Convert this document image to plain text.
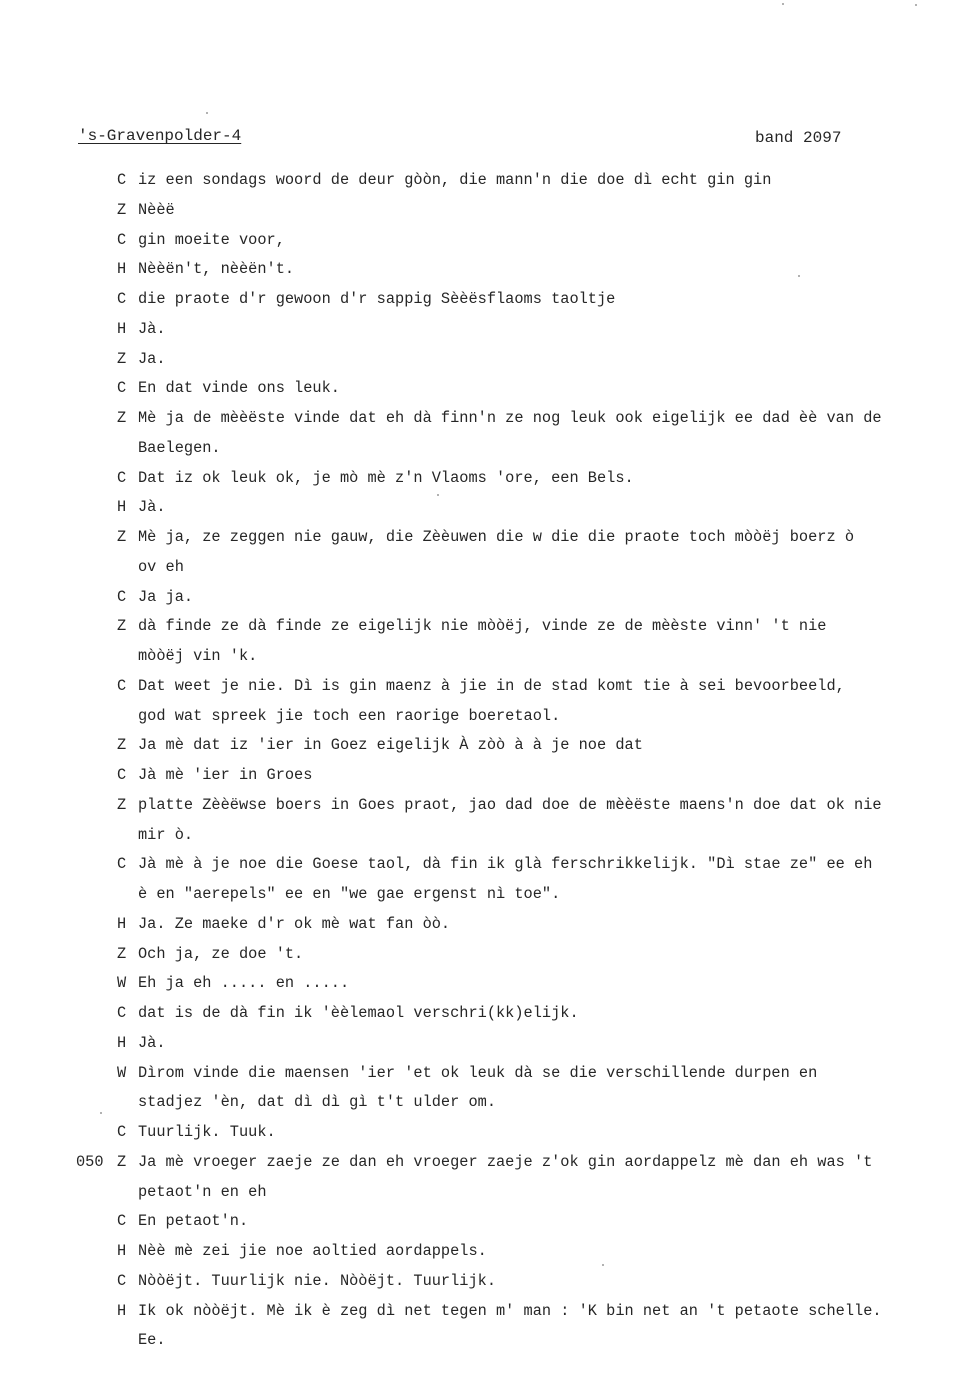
's-Gravenpolder-4	band 2097
C iz een sondags woord de deur gòòn, die mann'n die doe dì echt gin gin
Z Nèèë
C gin moeite voor,
H Nèèën't, nèèën't.
C die praote d'r gewoon d'r sappig Sèèësflaoms taoltje
H Jà.
Z Ja.
C En dat vinde ons leuk.
Z Mè ja de mèèëste vinde dat eh dà finn'n ze nog leuk ook eigelijk ee dad èè van de
Baelegen.
C Dat iz ok leuk ok, je mò mè z'n Vlaoms 'ore, een Bels.
H Jà.
Z Mè ja, ze zeggen nie gauw, die Zèèuwen die w die die praote toch mòòëj boerz ò
ov eh
C Ja ja.
Z dà finde ze dà finde ze eigelijk nie mòòëj, vinde ze de mèèste vinn' 't nie
mòòëj vin 'k.
C Dat weet je nie. Dì is gin maenz à jie in de stad komt tie à sei bevoorbeeld,
god wat spreek jie toch een raorige boeretaol.
Z Ja mè dat iz 'ier in Goez eigelijk À zòò à à je noe dat
C Jà mè 'ier in Groes
Z platte Zèèëwse boers in Goes praot, jao dad doe de mèèëste maens'n doe dat ok nie
mir ò.
C Jà mè à je noe die Goese taol, dà fin ik glà ferschrikkelijk. "Dì stae ze" ee eh
è en "aerepels" ee en "we gae ergenst nì toe".
H Ja. Ze maeke d'r ok mè wat fan òò.
Z Och ja, ze doe 't.
W Eh ja eh ..... en .....
C dat is de dà fin ik 'èèlemaol verschri(kk)elijk.
H Jà.
W Dìrom vinde die maensen 'ier 'et ok leuk dà se die verschillende durpen en
stadjez 'èn, dat dì dì gì t't ulder om.
C Tuurlijk. Tuuk.
050 Z Ja mè vroeger zaeje ze dan eh vroeger zaeje z'ok gin aordappelz mè dan eh was 't
petaot'n en eh
C En petaot'n.
H Nèè mè zei jie noe aoltied aordappels.
C Nòòëjt. Tuurlijk nie. Nòòëjt. Tuurlijk.
H Ik ok nòòëjt. Mè ik è zeg dì net tegen m' man : 'K bin net an 't petaote schelle.
Ee.
